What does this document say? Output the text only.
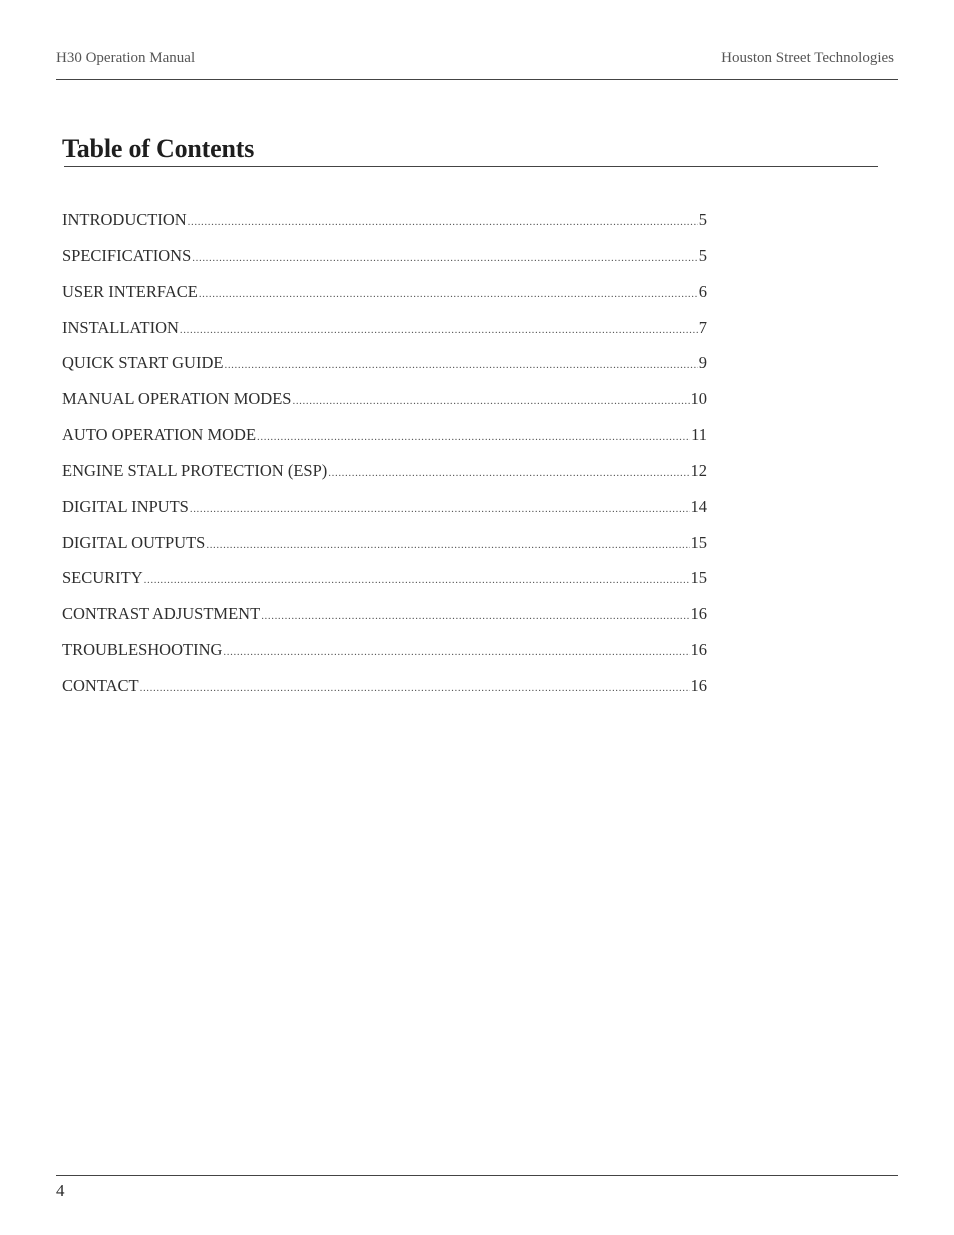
H30 Operation Manual	Houston Street Technologies
Table of Contents
INTRODUCTION .....	5
SPECIFICATIONS .....	5
USER INTERFACE .....	6
INSTALLATION .....	7
QUICK START GUIDE .....	9
MANUAL OPERATION MODES .....	10
AUTO OPERATION MODE .....	11
ENGINE STALL PROTECTION (ESP) .....	12
DIGITAL INPUTS .....	14
DIGITAL OUTPUTS .....	15
SECURITY .....	15
CONTRAST ADJUSTMENT .....	16
TROUBLESHOOTING .....	16
CONTACT .....	16
4
